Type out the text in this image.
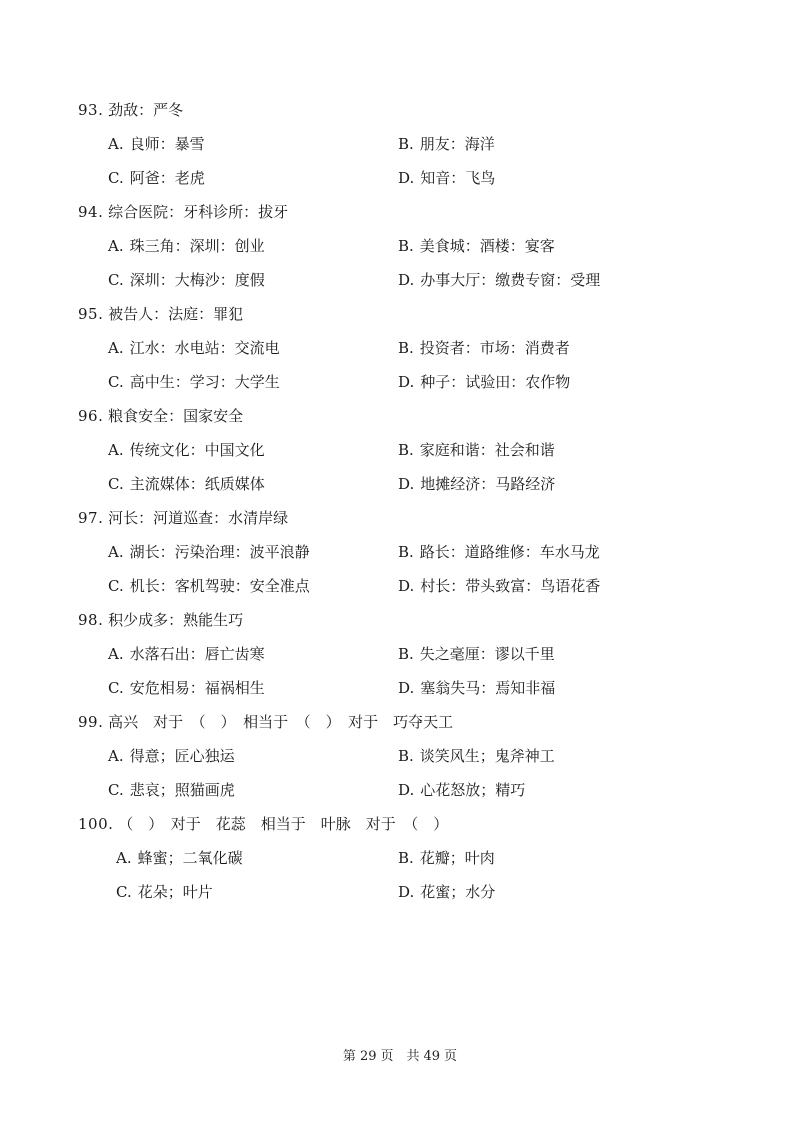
93. 劲敌：严冬
A. 良师：暴雪	B. 朋友：海洋
C. 阿爸：老虎	D. 知音：飞鸟
94. 综合医院：牙科诊所：拔牙
A. 珠三角：深圳：创业	B. 美食城：酒楼：宴客
C. 深圳：大梅沙：度假	D. 办事大厅：缴费专窗：受理
95. 被告人：法庭：罪犯
A. 江水：水电站：交流电	B. 投资者：市场：消费者
C. 高中生：学习：大学生	D. 种子：试验田：农作物
96. 粮食安全：国家安全
A. 传统文化：中国文化	B. 家庭和谐：社会和谐
C. 主流媒体：纸质媒体	D. 地摊经济：马路经济
97. 河长：河道巡查：水清岸绿
A. 湖长：污染治理：波平浪静	B. 路长：道路维修：车水马龙
C. 机长：客机驾驶：安全准点	D. 村长：带头致富：鸟语花香
98. 积少成多：熟能生巧
A. 水落石出：唇亡齿寒	B. 失之毫厘：谬以千里
C. 安危相易：福祸相生	D. 塞翁失马：焉知非福
99. 高兴　对于　（　）　相当于　（　）　对于　巧夺天工
A. 得意；匠心独运	B. 谈笑风生；鬼斧神工
C. 悲哀；照猫画虎	D. 心花怒放；精巧
100. （　）　对于　花蕊　相当于　叶脉　对于　（　）
A. 蜂蜜；二氧化碳	B. 花瓣；叶肉
C. 花朵；叶片	D. 花蜜；水分
第 29 页　共 49 页
